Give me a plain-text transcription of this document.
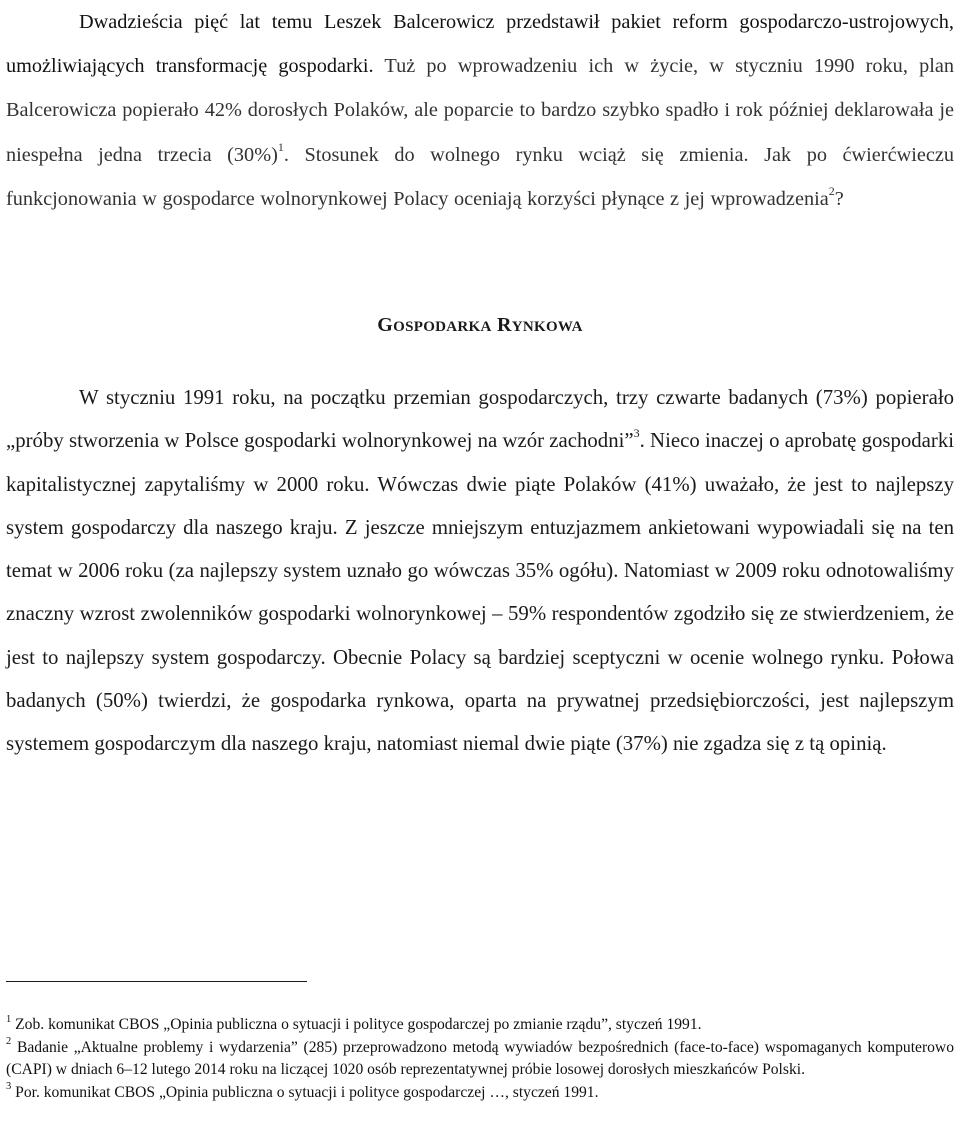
Dwadzieścia pięć lat temu Leszek Balcerowicz przedstawił pakiet reform gospodarczo-ustrojowych, umożliwiających transformację gospodarki. Tuż po wprowadzeniu ich w życie, w styczniu 1990 roku, plan Balcerowicza popierało 42% dorosłych Polaków, ale poparcie to bardzo szybko spadło i rok później deklarowała je niespełna jedna trzecia $(30\%)^1$. Stosunek do wolnego rynku wciąż się zmienia. Jak po ćwierćwieczu funkcjonowania w gospodarce wolnorynkowej Polacy oceniają korzyści płynące z jej wprowadzenia$^2$?

GOSPODARKA RYNKOWA

W styczniu 1991 roku, na początku przemian gospodarczych, trzy czwarte badanych (73%) popierało „próby stworzenia w Polsce gospodarki wolnorynkowej na wzór zachodni”$^3$. Nieco inaczej o aprobatę gospodarki kapitalistycznej zapytaliśmy w 2000 roku. Wówczas dwie piąte Polaków (41%) uważało, że jest to najlepszy system gospodarczy dla naszego kraju. Z jeszcze mniejszym entuzjazmem ankietowani wypowiadali się na ten temat w 2006 roku (za najlepszy system uznało go wówczas 35% ogółu). Natomiast w 2009 roku odnotowaliśmy znaczny wzrost zwolenników gospodarki wolnorynkowej – 59% respondentów zgodziło się ze stwierdzeniem, że jest to najlepszy system gospodarczy. Obecnie Polacy są bardziej sceptyczni w ocenie wolnego rynku. Połowa badanych (50%) twierdzi, że gospodarka rynkowa, oparta na prywatnej przedsiębiorczości, jest najlepszym systemem gospodarczym dla naszego kraju, natomiast niemal dwie piąte (37%) nie zgadza się z tą opinią.

$^1$ Zob. komunikat CBOS „Opinia publiczna o sytuacji i polityce gospodarczej po zmianie rządu”, styczeń 1991.

$^2$ Badanie „Aktualne problemy i wydarzenia” (285) przeprowadzono metodą wywiadów bezpośrednich (face-to-face) wspomaganych komputerowo (CAPI) w dniach 6–12 lutego 2014 roku na liczącej 1020 osób reprezentatywnej próbie losowej dorosłych mieszkańców Polski.

$^3$ Por. komunikat CBOS „Opinia publiczna o sytuacji i polityce gospodarczej …, styczeń 1991.
